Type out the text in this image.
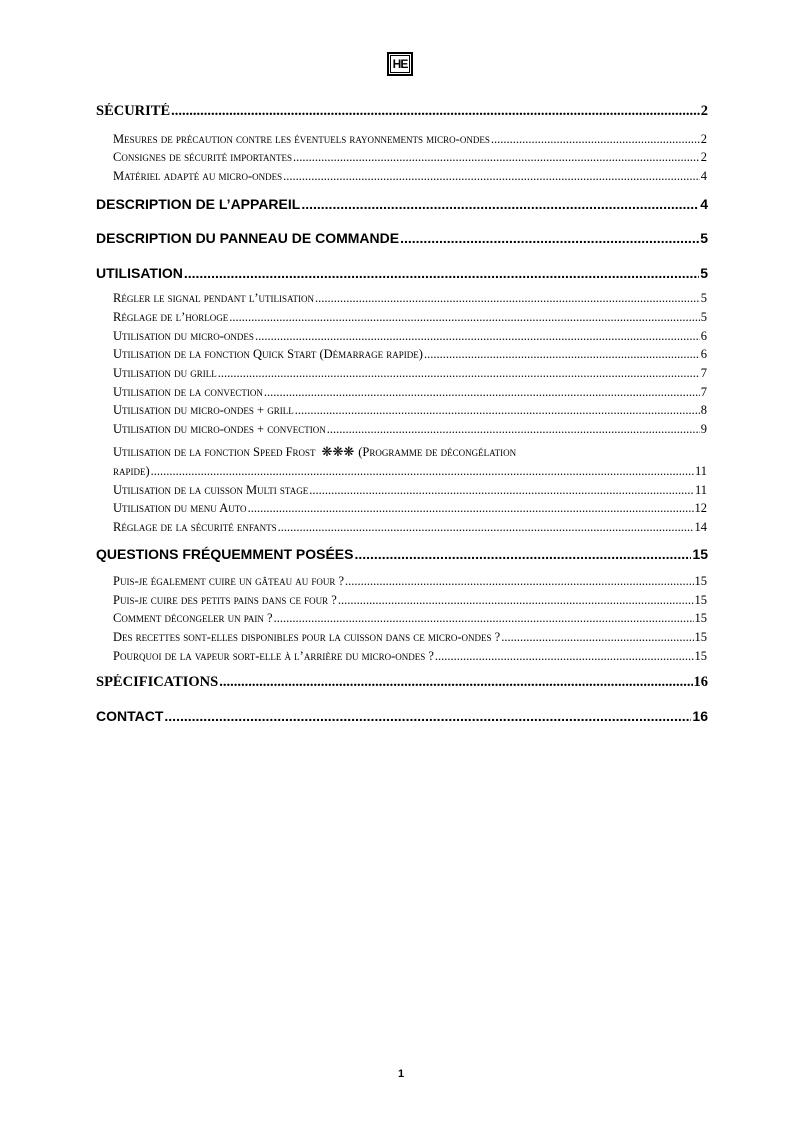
HE
SÉCURITÉ .....	2
Mesures de précaution contre les éventuels rayonnements micro-ondes .....	2
Consignes de sécurité importantes .....	2
Matériel adapté au micro-ondes .....	4
DESCRIPTION DE L’APPAREIL .....	4
DESCRIPTION DU PANNEAU DE COMMANDE .....	5
UTILISATION .....	5
Régler le signal pendant l’utilisation .....	5
Réglage de l’horloge .....	5
Utilisation du micro-ondes .....	6
Utilisation de la fonction Quick Start (Démarrage rapide) .....	6
Utilisation du grill .....	7
Utilisation de la convection .....	7
Utilisation du micro-ondes + grill .....	8
Utilisation du micro-ondes + convection .....	9
Utilisation de la fonction Speed Frost ❋❋❋ (Programme de décongélation
rapide) .....	11
Utilisation de la cuisson Multi stage .....	11
Utilisation du menu Auto .....	12
Réglage de la sécurité enfants .....	14
QUESTIONS FRÉQUEMMENT POSÉES .....	15
Puis-je également cuire un gâteau au four ? .....	15
Puis-je cuire des petits pains dans ce four ? .....	15
Comment décongeler un pain ? .....	15
Des recettes sont-elles disponibles pour la cuisson dans ce micro-ondes ? .....	15
Pourquoi de la vapeur sort-elle à l’arrière du micro-ondes ? .....	15
SPÉCIFICATIONS .....	16
CONTACT .....	16
1
